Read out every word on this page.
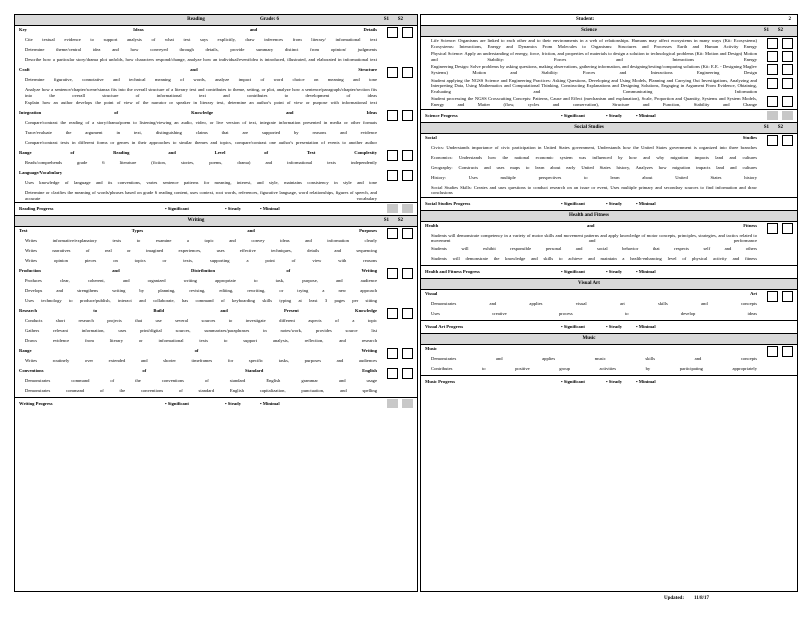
Reading	Grade: 6	S1 S2
Key Ideas and Details
Cite textual evidence to support analysis of what text says explicitly, draw inferences from literary/ informational text
Determine theme/central idea and how conveyed through details, provide summary distinct from opinion/ judgments
Describe how a particular story/drama plot unfolds, how characters respond/change, analyze how an individual/event/idea is introduced, illustrated, and elaborated in informational text
Craft and Structure
Determine figurative, connotative and technical meaning of words, analyze impact of word choice on meaning and tone
Analyze how a sentence/chapter/scene/stanza fits into the overall structure of a literary text and contributes to theme, setting, or plot, analyze how a sentence/paragraph/chapter/section fits into the overall structure of informational text and contributes to development of ideas
Explain how an author develops the point of view of the narrator or speaker in literary text, determine an author's point of view or purpose with informational text
Integration of Knowledge and Ideas
Compare/contrast the reading of a story/drama/poem to listening/viewing an audio, video, or live version of text, integrate information presented in media or other formats
Trace/evaluate the argument in text, distinguishing claims that are supported by reasons and evidence
Compare/contrast texts in different forms or genres in their approaches to similar themes and topics, compare/contrast one author's presentation of events to another author
Range of Reading and Level of Text Complexity
Reads/comprehends grade 6 literature (fiction, stories, poems, drama) and informational texts independently
Language/Vocabulary
Uses knowledge of language and its conventions, varies sentence patterns for meaning, interest, and style, maintains consistency in style and tone
Determine or clarifies the meaning of words/phrases based on grade 6 reading content, uses context, root words, references, figurative language, word relationships, figures of speech, and accurate vocabulary
Reading Progress	• Significant	• Steady	• Minimal
Writing	S1 S2
Text Types and Purposes
Writes informative/explanatory texts to examine a topic and convey ideas and information clearly
Writes narratives of real or imagined experiences, uses effective techniques, details and sequencing
Writes opinion pieces on topics or texts, supporting a point of view with reasons
Production and Distribution of Writing
Produces clear, coherent, and organized writing appropriate to task, purpose, and audience
Develops and strengthens writing by planning, revising, editing, rewriting, or trying a new approach
Uses technology to produce/publish, interact and collaborate, has command of keyboarding skills typing at least 3 pages per sitting
Research to Build and Present Knowledge
Conducts short research projects that use several sources to investigate different aspects of a topic
Gathers relevant information, uses print/digital sources, summarizes/paraphrases in notes/work, provides source list
Draws evidence from literary or informational texts to support analysis, reflection, and research
Range of Writing
Writes routinely over extended and shorter timeframes for specific tasks, purposes and audiences
Conventions of Standard English
Demonstrates command of the conventions of standard English grammar and usage
Demonstrates command of the conventions of standard English capitalization, punctuation, and spelling
Writing Progress	• Significant	• Steady	• Minimal
Student:	2
Science	S1 S2
Life Science: Organisms are linked to each other and to their environments in a web of relationships. Humans may affect ecosystems in many ways (Kit: Ecosystems) Ecosystems: Interactions, Energy and Dynamics From Molecules to Organisms: Structures and Processes Earth and Human Activity Energy
Physical Science: Apply an understanding of energy, force, friction, and properties of materials to design a solution to technological problems (Kit: Motion and Design) Motion and Stability: Forces and Interactions Energy
Engineering Design: Solve problems by asking questions, making observations, gathering information, and designing/testing/comparing solutions (Kit: E.E. - Designing Maglev Systems) Motion and Stability: Forces and Interactions Engineering Design
Student applying the NGSS Science and Engineering Practices: Asking Questions, Developing and Using Models, Planning and Carrying Out Investigations, Analyzing and Interpreting Data, Using Mathematics and Computational Thinking, Constructing Explanations and Designing Solutions, Engaging in Argument From Evidence, Obtaining, Evaluating and Communicating Information
Student processing the NGSS Crosscutting Concepts: Patterns, Cause and Effect (mechanism and explanation), Scale, Proportion and Quantity, Systems and System Models, Energy and Matter (flow, cycles and conservation), Structure and Function, Stability and Change
Science Progress	• Significant	• Steady	• Minimal
Social Studies	S1 S2
Social Studies
Civics: Understands importance of civic participation in United States government, Understands how the United States government is organized into three branches
Economics: Understands how the national economic system was influenced by how and why migration impacts land and cultures
Geography: Constructs and uses maps to learn about early United States history, Analyzes how migration impacts land and cultures
History: Uses multiple perspectives to learn about United States history
Social Studies Skills: Creates and uses questions to conduct research on an issue or event, Uses multiple primary and secondary sources to find information and draw conclusions
Social Studies Progress	• Significant	• Steady	• Minimal
Health and Fitness
Health and Fitness
Students will demonstrate competency in a variety of motor skills and movement patterns and apply knowledge of motor concepts, principles, strategies, and tactics related to movement and performance
Students will exhibit responsible personal and social behavior that respects self and others
Students will demonstrate the knowledge and skills to achieve and maintain a health-enhancing level of physical activity and fitness
Health and Fitness Progress	• Significant	• Steady	• Minimal
Visual Art
Visual Art
Demonstrates and applies visual art skills and concepts
Uses creative process to develop ideas
Visual Art Progress	• Significant	• Steady	• Minimal
Music
Music
Demonstrates and applies music skills and concepts
Contributes to positive group activities by participating appropriately
Music Progress	• Significant	• Steady	• Minimal
Updated: 11/8/17
